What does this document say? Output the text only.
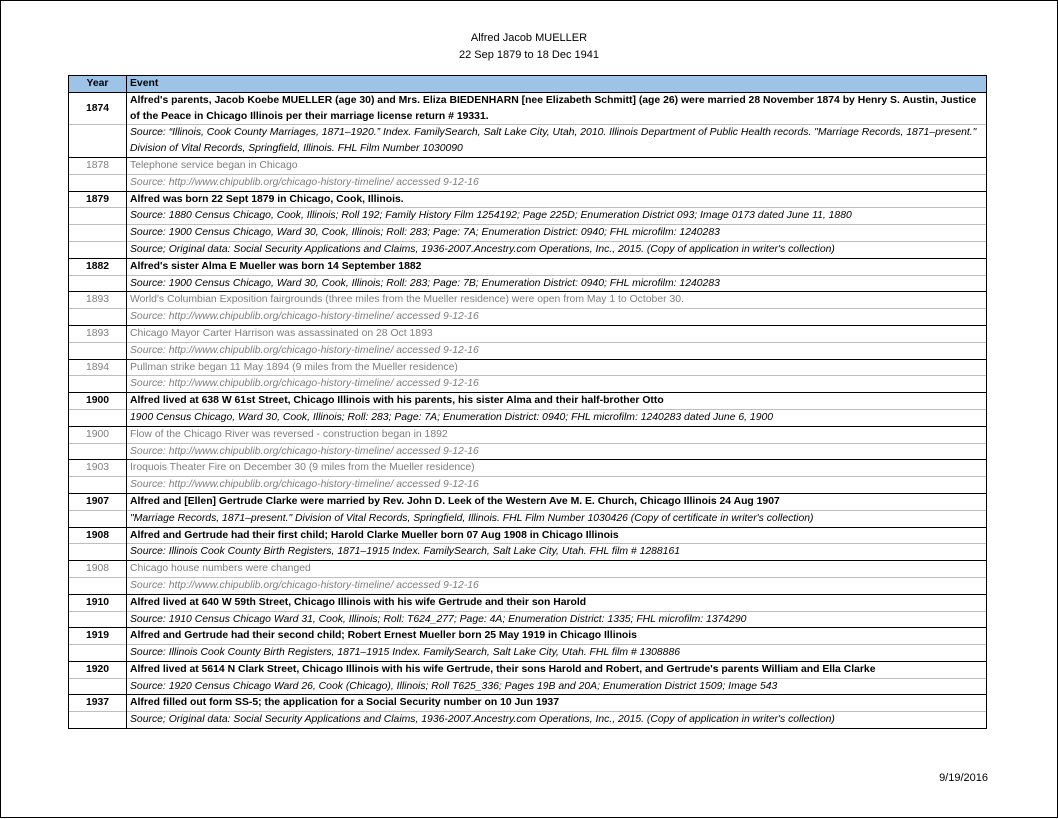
Alfred Jacob MUELLER
22 Sep 1879 to 18 Dec 1941
Year	Event
1874	Alfred's parents, Jacob Koebe MUELLER (age 30) and Mrs. Eliza BIEDENHARN [nee Elizabeth Schmitt] (age 26) were married 28 November 1874 by Henry S. Austin, Justice of the Peace in Chicago Illinois per their marriage license return # 19331.
	Source: “Illinois, Cook County Marriages, 1871–1920.” Index. FamilySearch, Salt Lake City, Utah, 2010. Illinois Department of Public Health records. "Marriage Records, 1871–present." Division of Vital Records, Springfield, Illinois. FHL Film Number 1030090
1878	Telephone service began in Chicago
	Source: http://www.chipublib.org/chicago-history-timeline/ accessed 9-12-16
1879	Alfred was born 22 Sept 1879 in Chicago, Cook, Illinois.
	Source: 1880 Census Chicago, Cook, Illinois; Roll 192; Family History Film 1254192; Page 225D; Enumeration District 093; Image 0173 dated June 11, 1880
	Source: 1900 Census Chicago, Ward 30, Cook, Illinois; Roll: 283; Page: 7A; Enumeration District: 0940; FHL microfilm: 1240283
	Source; Original data: Social Security Applications and Claims, 1936-2007.Ancestry.com Operations, Inc., 2015. (Copy of application in writer's collection)
1882	Alfred's sister Alma E Mueller was born 14 September 1882
	Source: 1900 Census Chicago, Ward 30, Cook, Illinois; Roll: 283; Page: 7B; Enumeration District: 0940; FHL microfilm: 1240283
1893	World's Columbian Exposition fairgrounds (three miles from the Mueller residence) were open from May 1 to October 30.
	Source: http://www.chipublib.org/chicago-history-timeline/ accessed 9-12-16
1893	Chicago Mayor Carter Harrison was assassinated on 28 Oct 1893
	Source: http://www.chipublib.org/chicago-history-timeline/ accessed 9-12-16
1894	Pullman strike began 11 May 1894 (9 miles from the Mueller residence)
	Source: http://www.chipublib.org/chicago-history-timeline/ accessed 9-12-16
1900	Alfred lived at 638 W 61st Street, Chicago Illinois with his parents, his sister Alma and their half-brother Otto
	1900 Census Chicago, Ward 30, Cook, Illinois; Roll: 283; Page: 7A; Enumeration District: 0940; FHL microfilm: 1240283 dated June 6, 1900
1900	Flow of the Chicago River was reversed - construction began in 1892
	Source: http://www.chipublib.org/chicago-history-timeline/ accessed 9-12-16
1903	Iroquois Theater Fire on December 30 (9 miles from the Mueller residence)
	Source: http://www.chipublib.org/chicago-history-timeline/ accessed 9-12-16
1907	Alfred and [Ellen] Gertrude Clarke were married by Rev. John D. Leek of the Western Ave M. E. Church, Chicago Illinois 24 Aug 1907
	"Marriage Records, 1871–present." Division of Vital Records, Springfield, Illinois. FHL Film Number 1030426 (Copy of certificate in writer's collection)
1908	Alfred and Gertrude had their first child; Harold Clarke Mueller born 07 Aug 1908 in Chicago Illinois
	Source: Illinois Cook County Birth Registers, 1871–1915 Index. FamilySearch, Salt Lake City, Utah. FHL film # 1288161
1908	Chicago house numbers were changed
	Source: http://www.chipublib.org/chicago-history-timeline/ accessed 9-12-16
1910	Alfred lived at 640 W 59th Street, Chicago Illinois with his wife Gertrude and their son Harold
	Source: 1910 Census Chicago Ward 31, Cook, Illinois; Roll: T624_277; Page: 4A; Enumeration District: 1335; FHL microfilm: 1374290
1919	Alfred and Gertrude had their second child; Robert Ernest Mueller born 25 May 1919 in Chicago Illinois
	Source: Illinois Cook County Birth Registers, 1871–1915 Index. FamilySearch, Salt Lake City, Utah. FHL film # 1308886
1920	Alfred lived at 5614 N Clark Street, Chicago Illinois with his wife Gertrude, their sons Harold and Robert, and Gertrude's parents William and Ella Clarke
	Source: 1920 Census Chicago Ward 26, Cook (Chicago), Illinois; Roll T625_336; Pages 19B and 20A; Enumeration District 1509; Image 543
1937	Alfred filled out form SS-5; the application for a Social Security number on 10 Jun 1937
	Source; Original data: Social Security Applications and Claims, 1936-2007.Ancestry.com Operations, Inc., 2015. (Copy of application in writer's collection)
9/19/2016
